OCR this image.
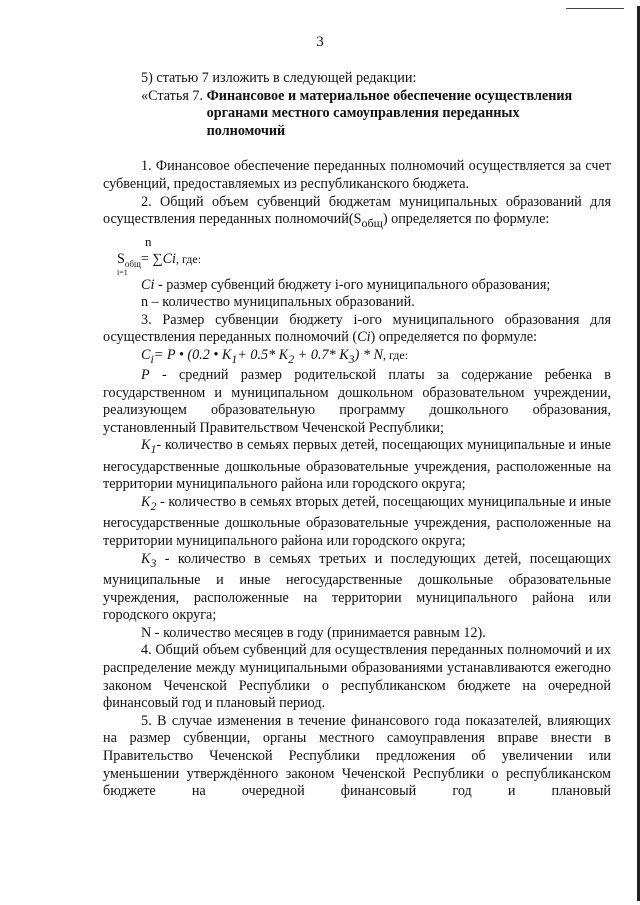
3

5) статью 7 изложить в следующей редакции:

«Статья 7. Финансовое и материальное обеспечение осуществления органами местного самоуправления переданных полномочий

1. Финансовое обеспечение переданных полномочий осуществляется за счет субвенций, предоставляемых из республиканского бюджета.

2. Общий объем субвенций бюджетам муниципальных образований для осуществления переданных $полномочий(S_{общ})$ определяется по формуле:

n
$S_{общ}= \sum Ci$, где:
i=1

Ci - размер субвенций бюджету i-ого муниципального образования;

n – количество муниципальных образований.

3. Размер субвенции бюджету i-ого муниципального образования для осуществления переданных полномочий (Ci) определяется по формуле:

$C_i= P$ • (0.2 • $K_1+ 0.5*$ $K_2 + 0.7*$ $K_3$) * N, где:

P - средний размер родительской платы за содержание ребенка в государственном и муниципальном дошкольном образовательном учреждении, реализующем образовательную программу дошкольного образования, установленный Правительством Чеченской Республики;

$K_1-$ количество в семьях первых детей, посещающих муниципальные и иные негосударственные дошкольные образовательные учреждения, расположенные на территории муниципального района или городского округа;

$K_2$ - количество в семьях вторых детей, посещающих муниципальные и иные негосударственные дошкольные образовательные учреждения, расположенные на территории муниципального района или городского округа;

$K_3$ - количество в семьях третьих и последующих детей, посещающих муниципальные и иные негосударственные дошкольные образовательные учреждения, расположенные на территории муниципального района или городского округа;

N - количество месяцев в году (принимается равным 12).

4. Общий объем субвенций для осуществления переданных полномочий и их распределение между муниципальными образованиями устанавливаются ежегодно законом Чеченской Республики о республиканском бюджете на очередной финансовый год и плановый период.

5. В случае изменения в течение финансового года показателей, влияющих на размер субвенции, органы местного самоуправления вправе внести в Правительство Чеченской Республики предложения об увеличении или уменьшении утверждённого законом Чеченской Республики о республиканском бюджете на очередной финансовый год и плановый
